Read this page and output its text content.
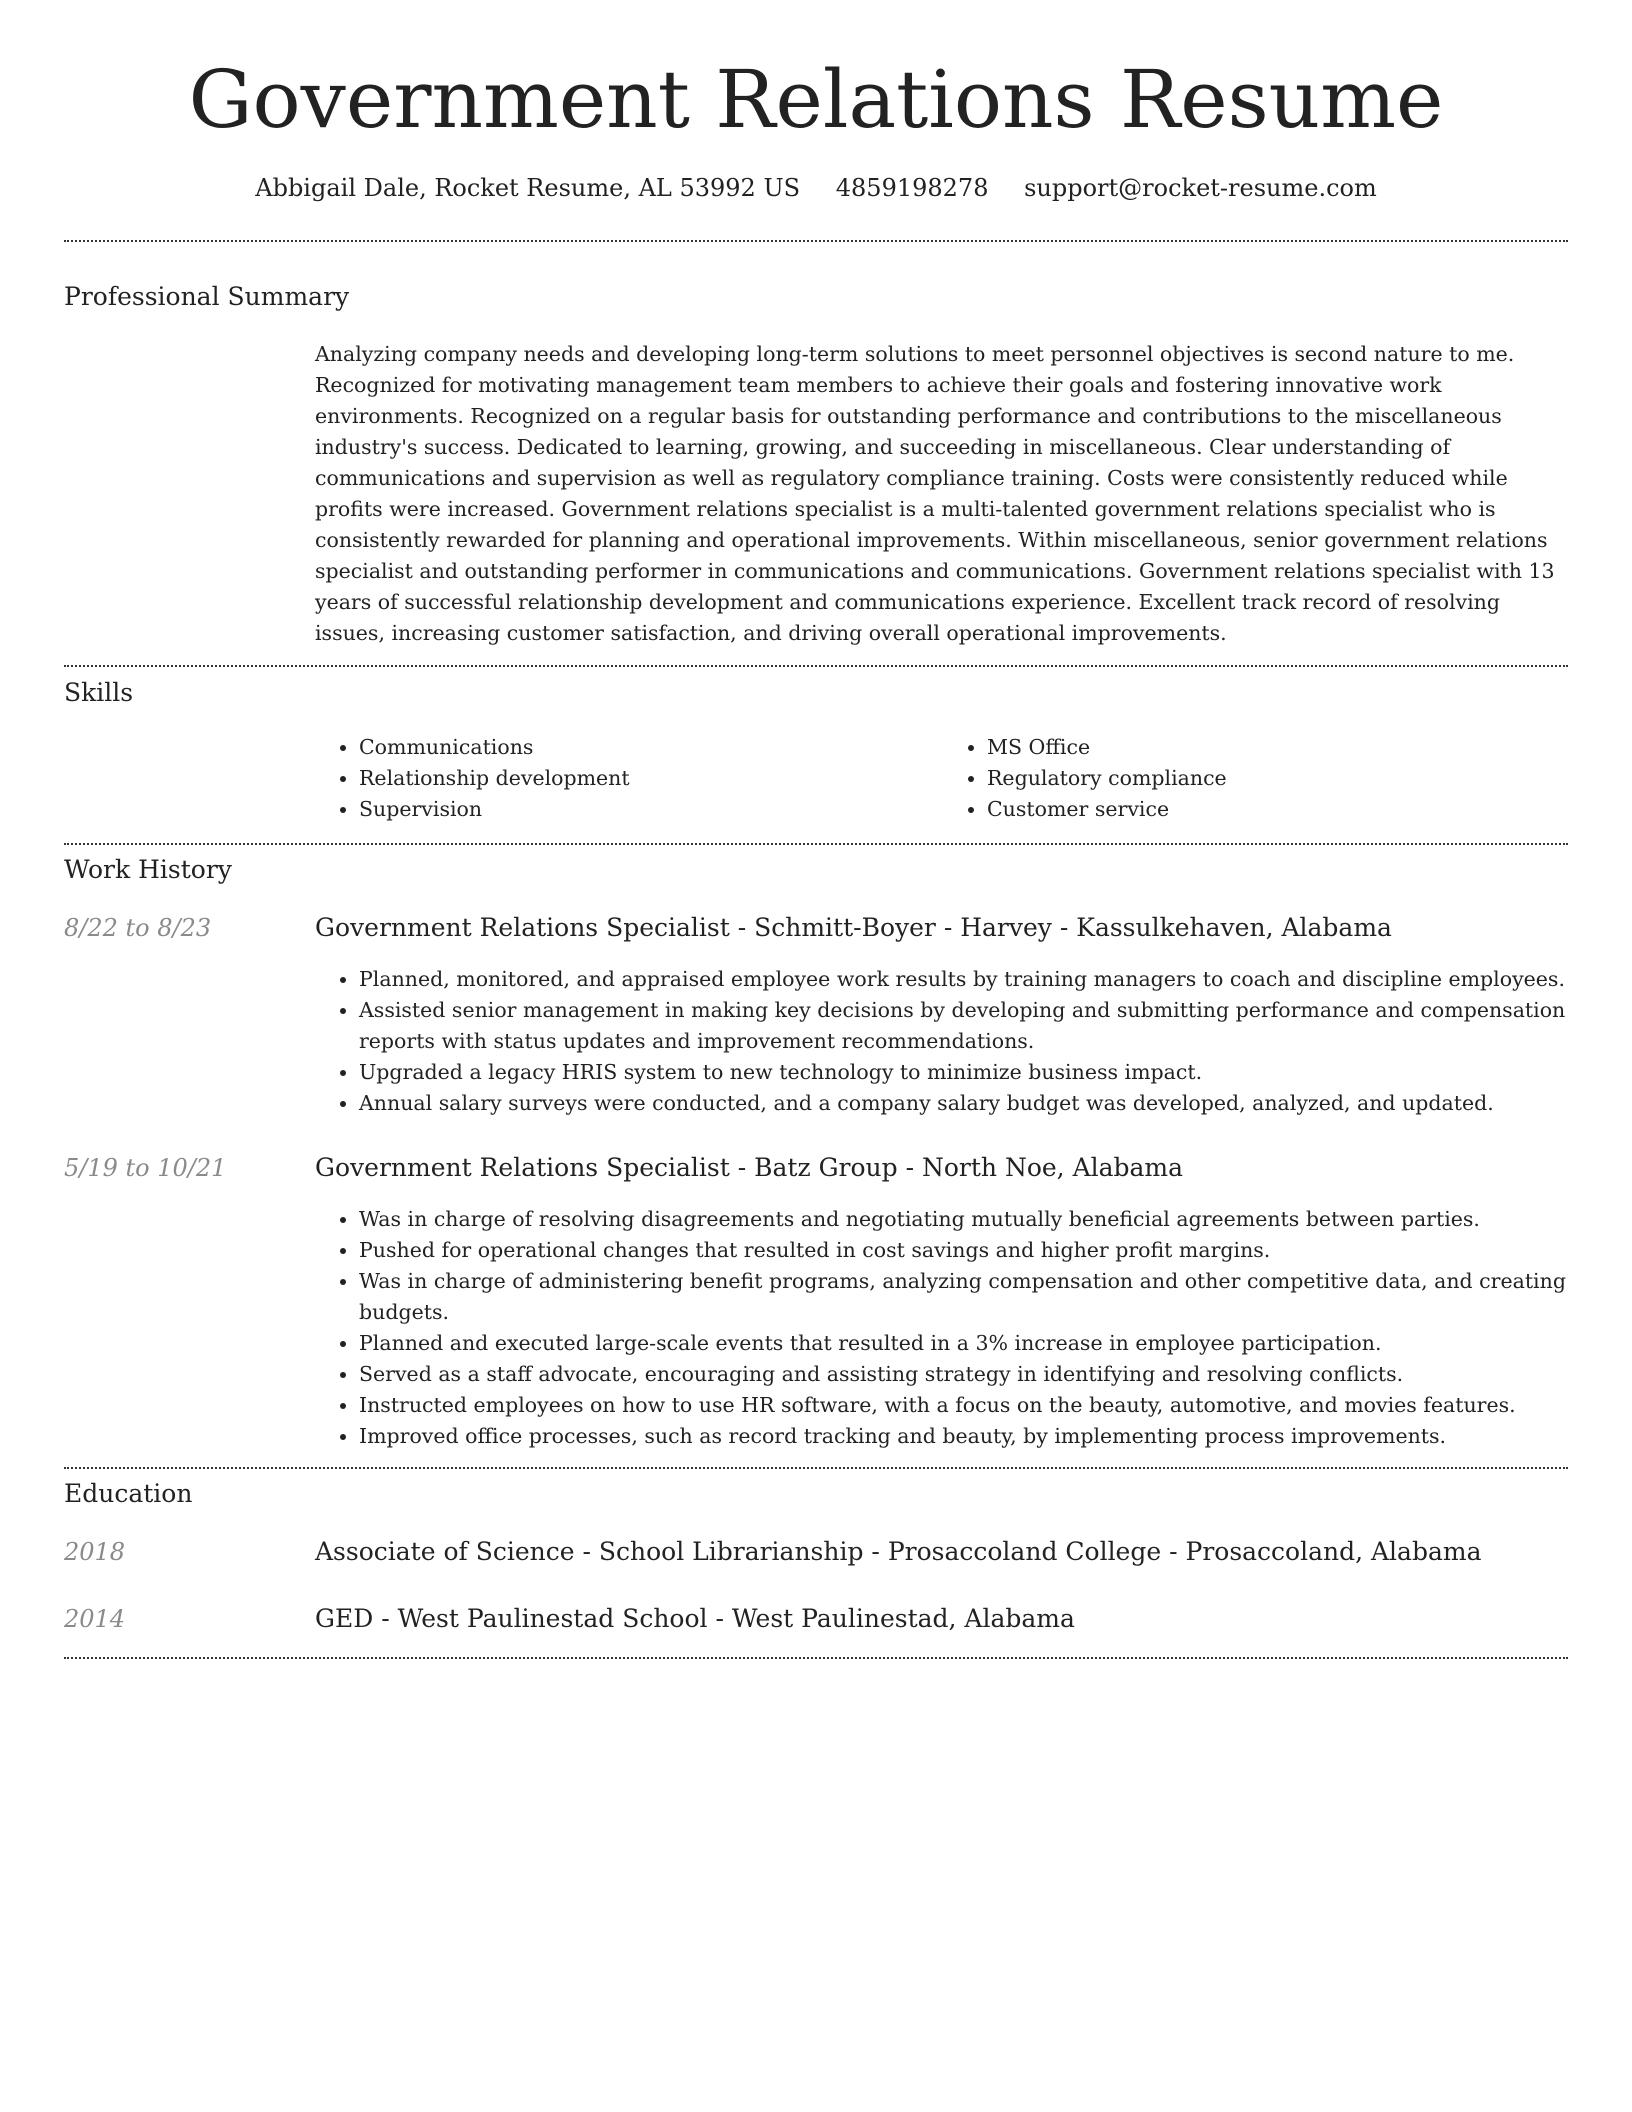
Government Relations Resume
Abbigail Dale, Rocket Resume, AL 53992 US 4859198278 support@rocket-resume.com
Professional Summary

Analyzing company needs and developing long-term solutions to meet personnel objectives is second nature to me. Recognized for motivating management team members to achieve their goals and fostering innovative work environments. Recognized on a regular basis for outstanding performance and contributions to the miscellaneous industry's success. Dedicated to learning, growing, and succeeding in miscellaneous. Clear understanding of communications and supervision as well as regulatory compliance training. Costs were consistently reduced while profits were increased. Government relations specialist is a multi-talented government relations specialist who is consistently rewarded for planning and operational improvements. Within miscellaneous, senior government relations specialist and outstanding performer in communications and communications. Government relations specialist with 13 years of successful relationship development and communications experience. Excellent track record of resolving issues, increasing customer satisfaction, and driving overall operational improvements.

Skills
• Communications
• Relationship development
• Supervision
• MS Office
• Regulatory compliance
• Customer service
Work History
8/22 to 8/23	Government Relations Specialist - Schmitt-Boyer - Harvey - Kassulkehaven, Alabama
• Planned, monitored, and appraised employee work results by training managers to coach and discipline employees.
• Assisted senior management in making key decisions by developing and submitting performance and compensation reports with status updates and improvement recommendations.
• Upgraded a legacy HRIS system to new technology to minimize business impact.
• Annual salary surveys were conducted, and a company salary budget was developed, analyzed, and updated.
5/19 to 10/21	Government Relations Specialist - Batz Group - North Noe, Alabama
• Was in charge of resolving disagreements and negotiating mutually beneficial agreements between parties.
• Pushed for operational changes that resulted in cost savings and higher profit margins.
• Was in charge of administering benefit programs, analyzing compensation and other competitive data, and creating budgets.
• Planned and executed large-scale events that resulted in a 3% increase in employee participation.
• Served as a staff advocate, encouraging and assisting strategy in identifying and resolving conflicts.
• Instructed employees on how to use HR software, with a focus on the beauty, automotive, and movies features.
• Improved office processes, such as record tracking and beauty, by implementing process improvements.
Education
2018	Associate of Science - School Librarianship - Prosaccoland College - Prosaccoland, Alabama
2014	GED - West Paulinestad School - West Paulinestad, Alabama
